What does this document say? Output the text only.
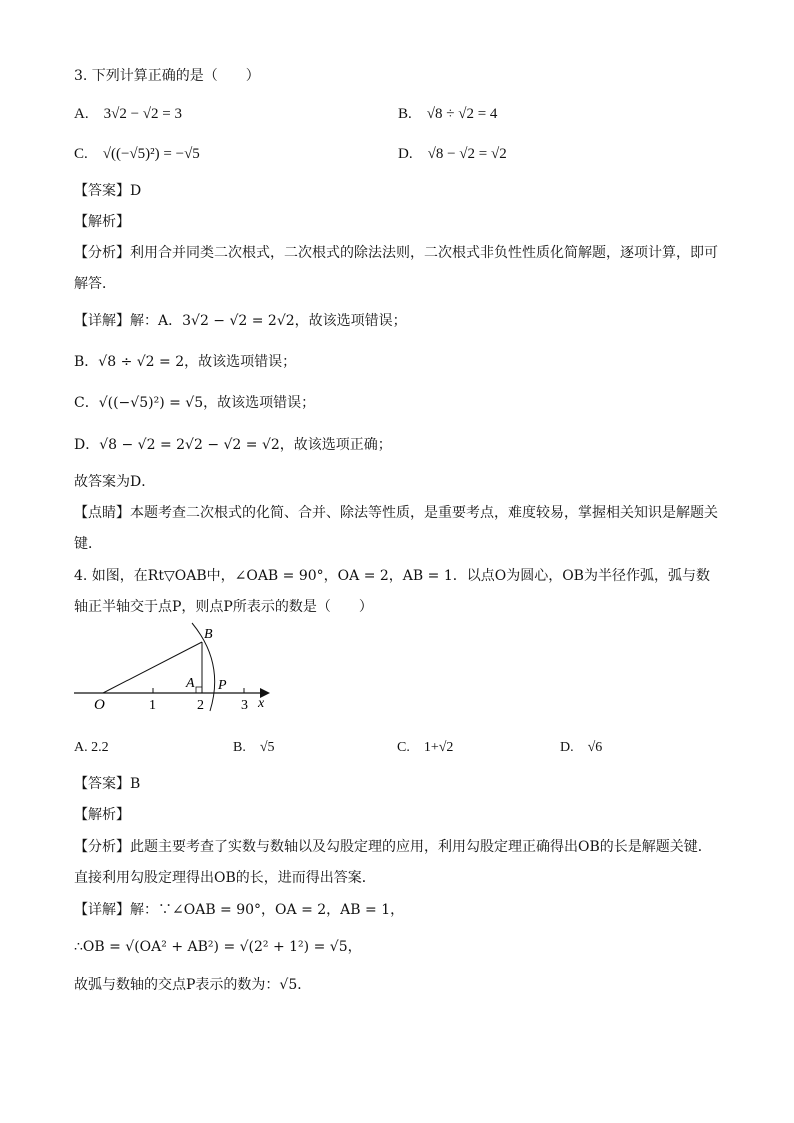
3. 下列计算正确的是（　　）
A.　3√2 − √2 = 3	B.　√8 ÷ √2 = 4
C.　√((−√5)²) = −√5	D.　√8 − √2 = √2
【答案】D
【解析】
【分析】利用合并同类二次根式，二次根式的除法法则，二次根式非负性性质化简解题，逐项计算，即可
解答．
【详解】解：A．3√2 − √2 = 2√2，故该选项错误；
B．√8 ÷ √2 = 2，故该选项错误；
C．√((−√5)²) = √5，故该选项错误；
D．√8 − √2 = 2√2 − √2 = √2，故该选项正确；
故答案为D．
【点睛】本题考查二次根式的化简、合并、除法等性质，是重要考点，难度较易，掌握相关知识是解题关
键．
4. 如图，在Rt▽OAB中，∠OAB = 90°，OA = 2，AB = 1．以点O为圆心，OB为半径作弧，弧与数
轴正半轴交于点P，则点P所表示的数是（　　）
B
A P
O	1	2	3 x
A. 2.2	B.　√5	C.　1+√2	D.　√6
【答案】B
【解析】
【分析】此题主要考查了实数与数轴以及勾股定理的应用，利用勾股定理正确得出OB的长是解题关键．
直接利用勾股定理得出OB的长，进而得出答案．
【详解】解：∵∠OAB = 90°，OA = 2，AB = 1，
∴OB = √(OA² + AB²) = √(2² + 1²) = √5，
故弧与数轴的交点P表示的数为：√5．
